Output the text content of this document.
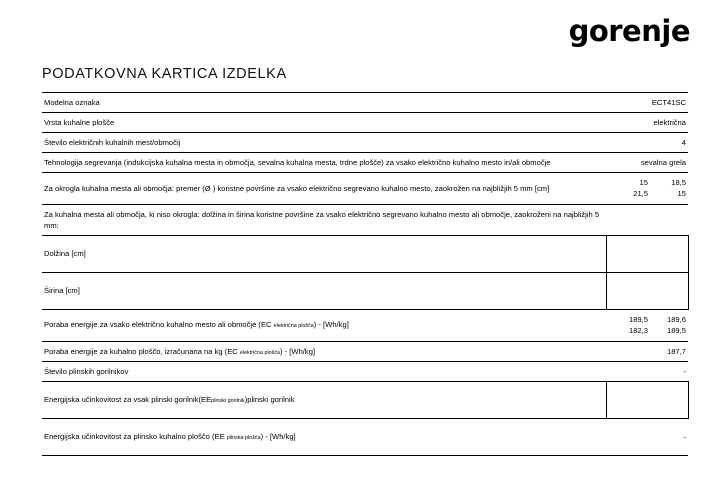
gorenje
PODATKOVNA KARTICA IZDELKA
Modelna oznaka	ECT41SC
Vrsta kuhalne plošče	električna
Število električnih kuhalnih mest/območij	4
Tehnologija segrevanja (indukcijska kuhalna mesta in območja, sevalna kuhalna mesta, trdne plošče) za vsako električno kuhalno mesto in/ali območje	sevalna grela
Za okrogla kuhalna mesta ali območja: premer (Ø ) koristne površine za vsako električno segrevano kuhalno mesto, zaokrožen na najbližjih 5 mm [cm]	15 18,5
21,5 15

Za kuhalna mesta ali območja, ki niso okrogla: dolžina in širina koristne površine za vsako električno segrevano kuhalno mesto ali območje, zaokroženi na najbližjih 5 mm:	
Dolžina [cm]	
Širina [cm]	
Poraba energije za vsako električno kuhalno mesto ali območje (EC električna plošča) - [Wh/kg]	189,5 189,6
182,3 189,5

Poraba energije za kuhalno ploščo, izračunana na kg (EC električna plošča) - [Wh/kg]	187,7
Število plinskih gorilnikov	-
Energijska učinkovitost za vsak plinski gorilnik(EEplinski gorilnik)plinski gorilnik	
Energijska učinkovitost za plinsko kuhalno ploščo (EE plinska plošča) - [Wh/kg]	-
